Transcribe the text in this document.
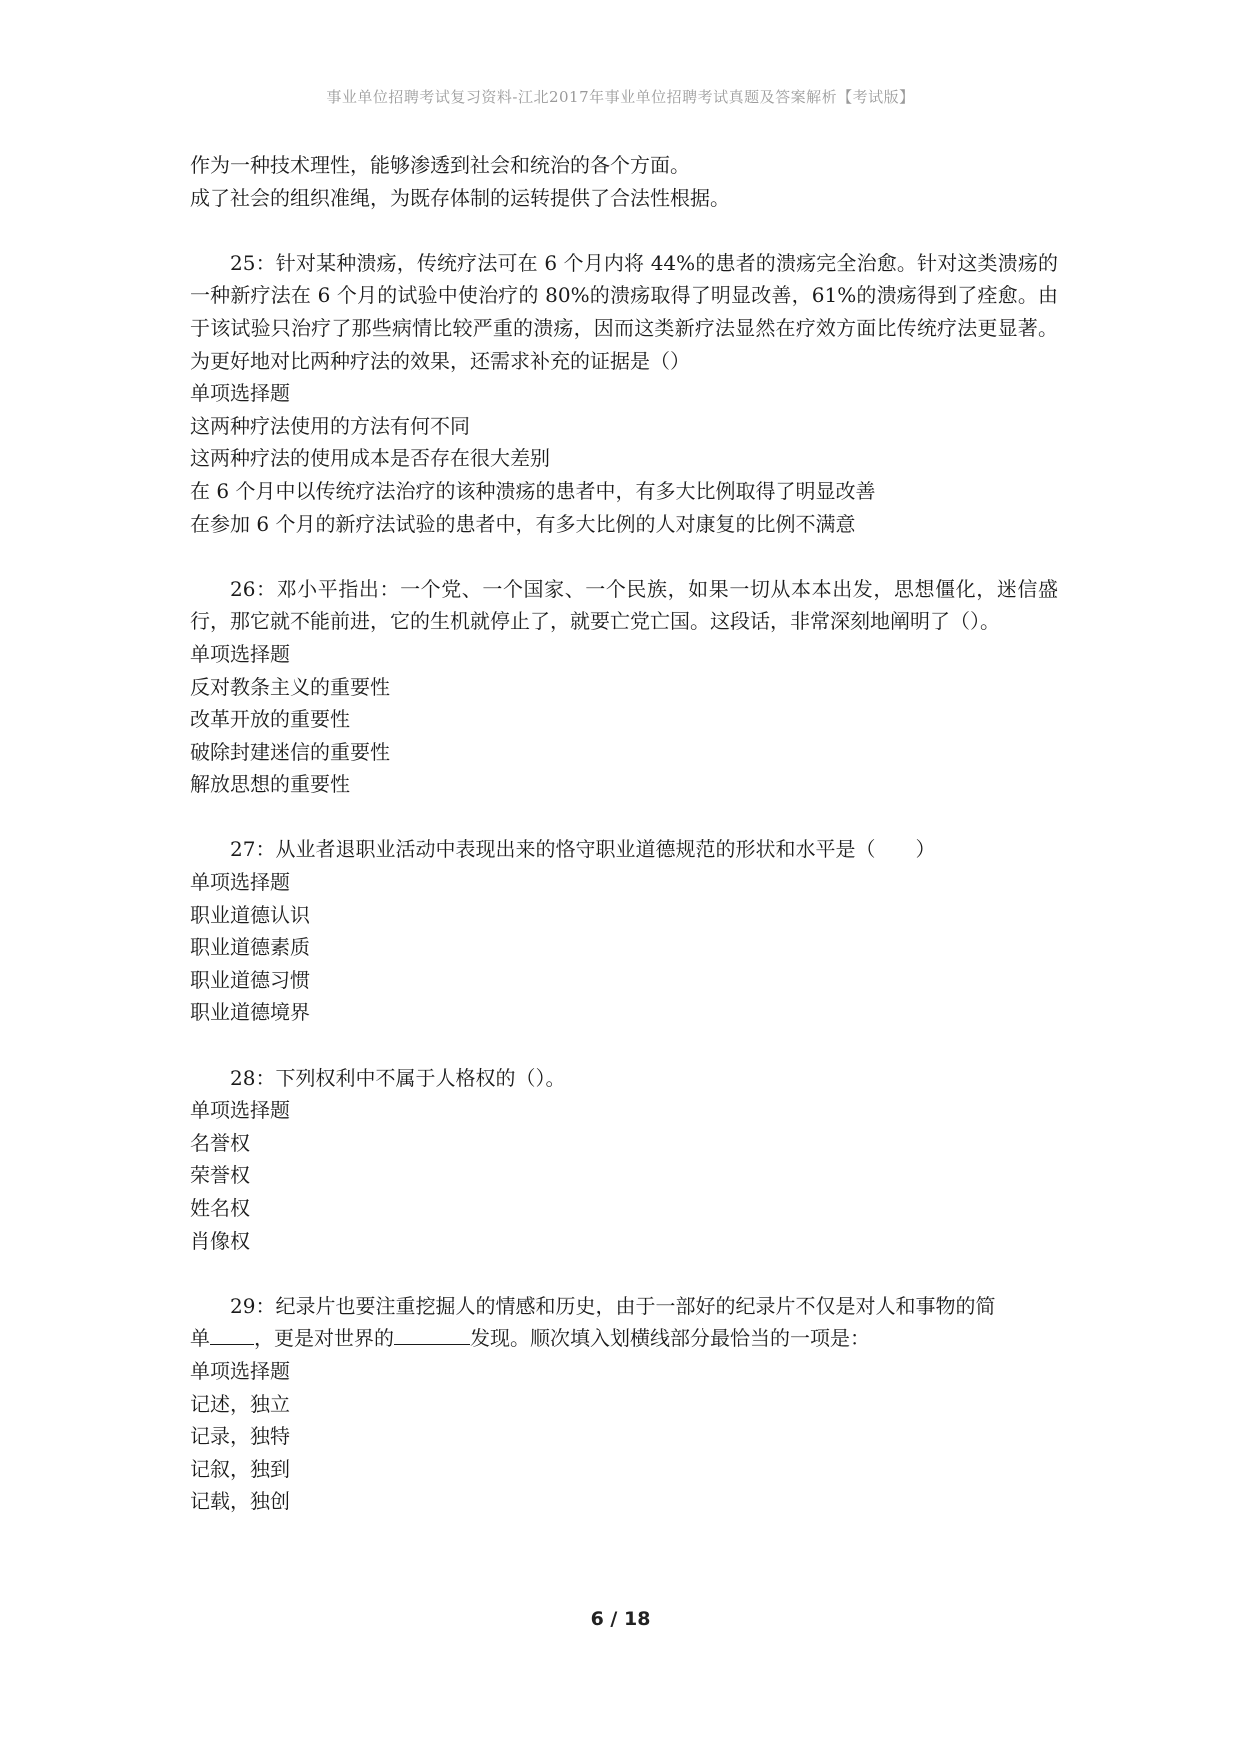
事业单位招聘考试复习资料-江北2017年事业单位招聘考试真题及答案解析【考试版】
作为一种技术理性，能够渗透到社会和统治的各个方面。
成了社会的组织准绳，为既存体制的运转提供了合法性根据。
25：针对某种溃疡，传统疗法可在 6 个月内将 44%的患者的溃疡完全治愈。针对这类溃疡的一种新疗法在 6 个月的试验中使治疗的 80%的溃疡取得了明显改善，61%的溃疡得到了痊愈。由于该试验只治疗了那些病情比较严重的溃疡，因而这类新疗法显然在疗效方面比传统疗法更显著。为更好地对比两种疗法的效果，还需求补充的证据是（）
单项选择题
这两种疗法使用的方法有何不同
这两种疗法的使用成本是否存在很大差别
在 6 个月中以传统疗法治疗的该种溃疡的患者中，有多大比例取得了明显改善
在参加 6 个月的新疗法试验的患者中，有多大比例的人对康复的比例不满意
26：邓小平指出：一个党、一个国家、一个民族，如果一切从本本出发，思想僵化，迷信盛行，那它就不能前进，它的生机就停止了，就要亡党亡国。这段话，非常深刻地阐明了（）。
单项选择题
反对教条主义的重要性
改革开放的重要性
破除封建迷信的重要性
解放思想的重要性
27：从业者退职业活动中表现出来的恪守职业道德规范的形状和水平是（　　）
单项选择题
职业道德认识
职业道德素质
职业道德习惯
职业道德境界
28：下列权利中不属于人格权的（）。
单项选择题
名誉权
荣誉权
姓名权
肖像权
29：纪录片也要注重挖掘人的情感和历史，由于一部好的纪录片不仅是对人和事物的简
单 ，更是对世界的	发现。顺次填入划横线部分最恰当的一项是：
单项选择题
记述，独立
记录，独特
记叙，独到
记载，独创
6 / 18
